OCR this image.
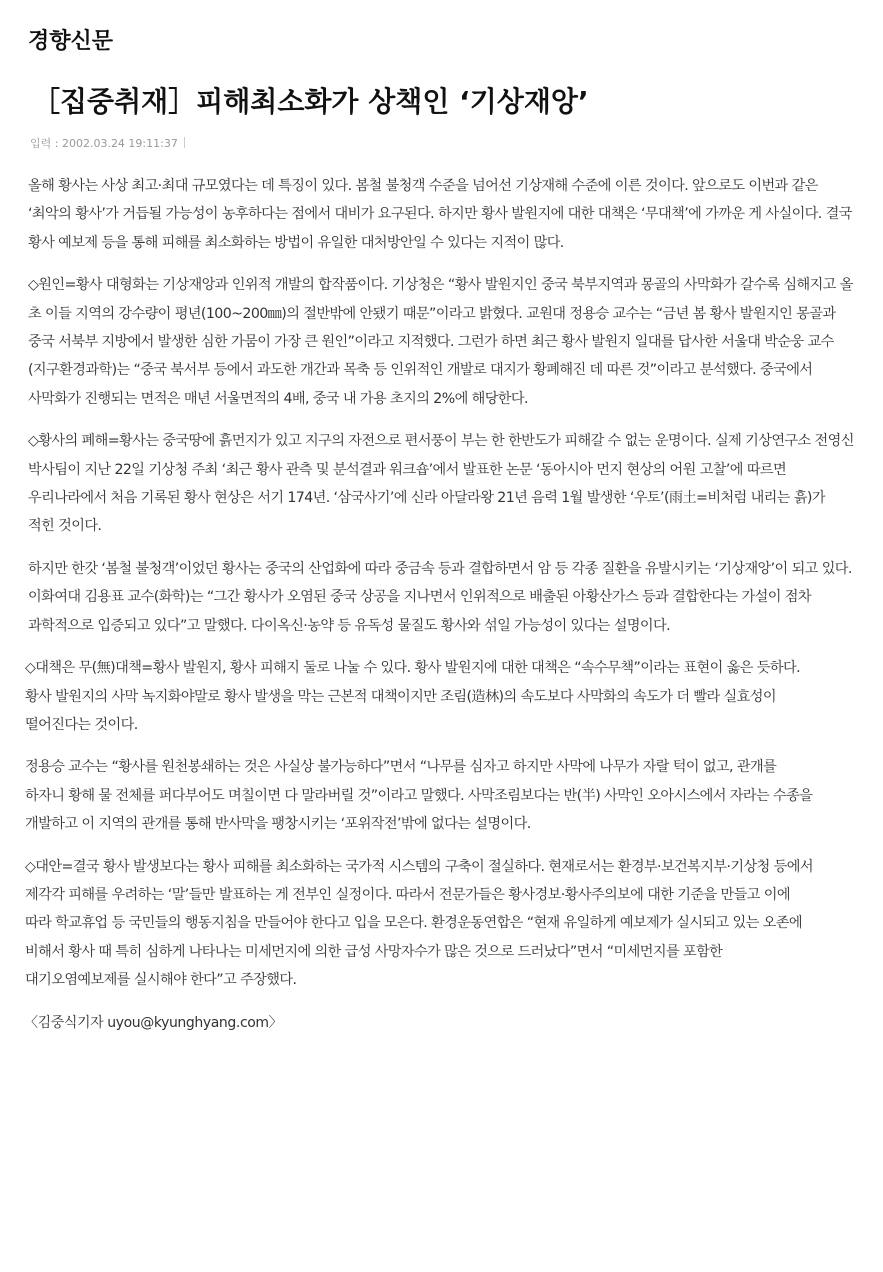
경향신문
［집중취재］피해최소화가 상책인 ‘기상재앙’
입력 : 2002.03.24 19:11:37

올해 황사는 사상 최고·최대 규모였다는 데 특징이 있다. 봄철 불청객 수준을 넘어선 기상재해 수준에 이른 것이다. 앞으로도 이번과 같은 ‘최악의 황사’가 거듭될 가능성이 농후하다는 점에서 대비가 요구된다. 하지만 황사 발원지에 대한 대책은 ‘무대책’에 가까운 게 사실이다. 결국 황사 예보제 등을 통해 피해를 최소화하는 방법이 유일한 대처방안일 수 있다는 지적이 많다.

◇원인=황사 대형화는 기상재앙과 인위적 개발의 합작품이다. 기상청은 “황사 발원지인 중국 북부지역과 몽골의 사막화가 갈수록 심해지고 올 초 이들 지역의 강수량이 평년(100~200㎜)의 절반밖에 안됐기 때문”이라고 밝혔다. 교원대 정용승 교수는 “금년 봄 황사 발원지인 몽골과 중국 서북부 지방에서 발생한 심한 가뭄이 가장 큰 원인”이라고 지적했다. 그런가 하면 최근 황사 발원지 일대를 답사한 서울대 박순웅 교수(지구환경과학)는 “중국 북서부 등에서 과도한 개간과 목축 등 인위적인 개발로 대지가 황폐해진 데 따른 것”이라고 분석했다. 중국에서 사막화가 진행되는 면적은 매년 서울면적의 4배, 중국 내 가용 초지의 2%에 해당한다.

◇황사의 폐해=황사는 중국땅에 흙먼지가 있고 지구의 자전으로 편서풍이 부는 한 한반도가 피해갈 수 없는 운명이다. 실제 기상연구소 전영신 박사팀이 지난 22일 기상청 주최 ‘최근 황사 관측 및 분석결과 워크숍’에서 발표한 논문 ‘동아시아 먼지 현상의 어원 고찰’에 따르면 우리나라에서 처음 기록된 황사 현상은 서기 174년. ‘삼국사기’에 신라 아달라왕 21년 음력 1월 발생한 ‘우토’(雨土=비처럼 내리는 흙)가 적힌 것이다.

하지만 한갓 ‘봄철 불청객’이었던 황사는 중국의 산업화에 따라 중금속 등과 결합하면서 암 등 각종 질환을 유발시키는 ‘기상재앙’이 되고 있다. 이화여대 김용표 교수(화학)는 “그간 황사가 오염된 중국 상공을 지나면서 인위적으로 배출된 아황산가스 등과 결합한다는 가설이 점차 과학적으로 입증되고 있다”고 말했다. 다이옥신·농약 등 유독성 물질도 황사와 섞일 가능성이 있다는 설명이다.

◇대책은 무(無)대책=황사 발원지, 황사 피해지 둘로 나눌 수 있다. 황사 발원지에 대한 대책은 “속수무책”이라는 표현이 옳은 듯하다. 황사 발원지의 사막 녹지화야말로 황사 발생을 막는 근본적 대책이지만 조림(造林)의 속도보다 사막화의 속도가 더 빨라 실효성이 떨어진다는 것이다.

정용승 교수는 “황사를 원천봉쇄하는 것은 사실상 불가능하다”면서 “나무를 심자고 하지만 사막에 나무가 자랄 턱이 없고, 관개를 하자니 황해 물 전체를 퍼다부어도 며칠이면 다 말라버릴 것”이라고 말했다. 사막조림보다는 반(半) 사막인 오아시스에서 자라는 수종을 개발하고 이 지역의 관개를 통해 반사막을 팽창시키는 ‘포위작전’밖에 없다는 설명이다.

◇대안=결국 황사 발생보다는 황사 피해를 최소화하는 국가적 시스템의 구축이 절실하다. 현재로서는 환경부·보건복지부·기상청 등에서 제각각 피해를 우려하는 ‘말’들만 발표하는 게 전부인 실정이다. 따라서 전문가들은 황사경보·황사주의보에 대한 기준을 만들고 이에 따라 학교휴업 등 국민들의 행동지침을 만들어야 한다고 입을 모은다. 환경운동연합은 “현재 유일하게 예보제가 실시되고 있는 오존에 비해서 황사 때 특히 심하게 나타나는 미세먼지에 의한 급성 사망자수가 많은 것으로 드러났다”면서 “미세먼지를 포함한 대기오염예보제를 실시해야 한다”고 주장했다.

〈김중식기자 uyou@kyunghyang.com〉
